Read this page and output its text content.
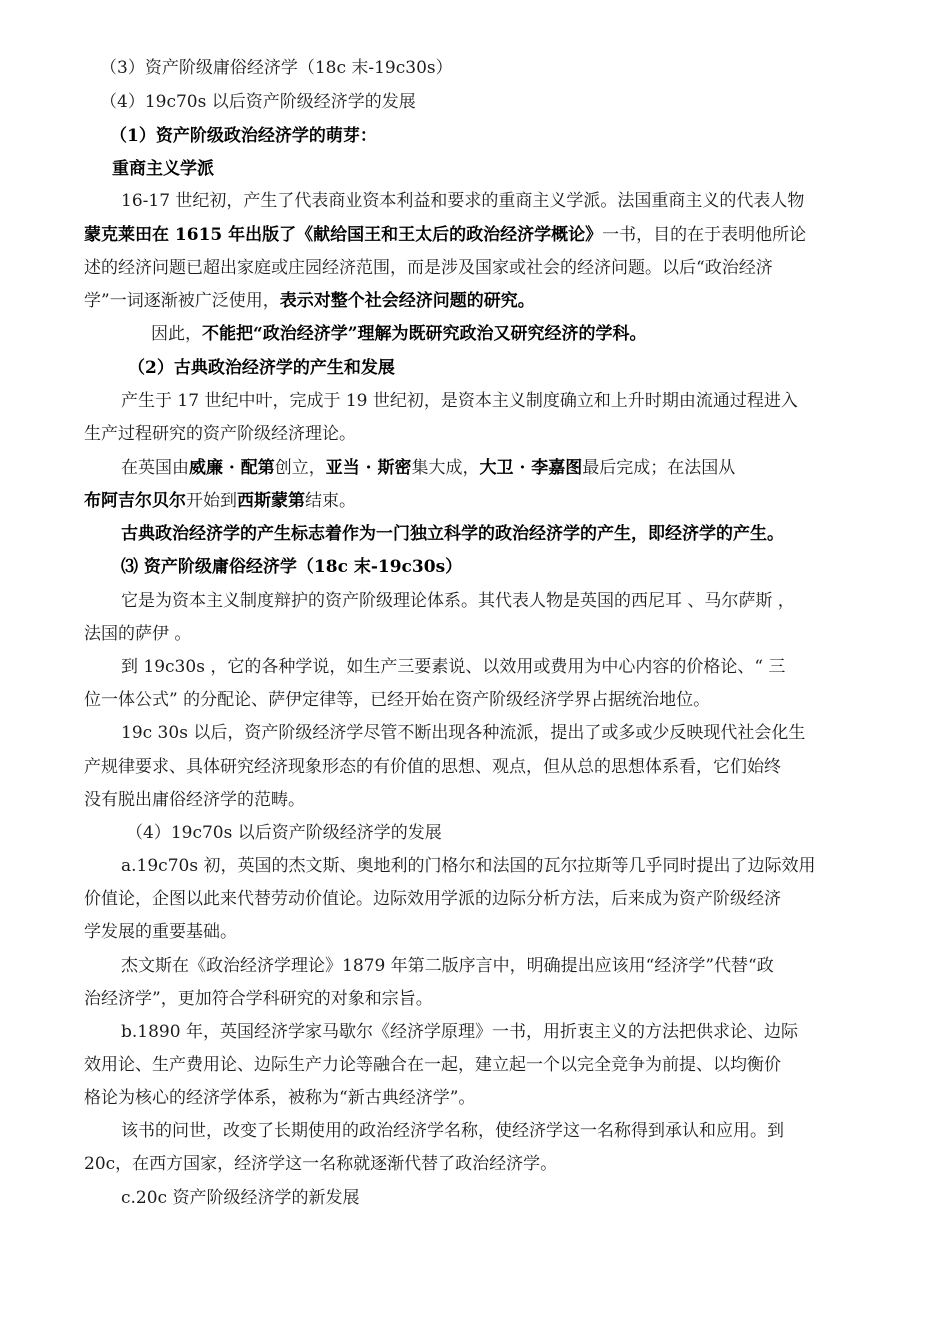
（3）资产阶级庸俗经济学（18c 末-19c30s）
（4）19c70s 以后资产阶级经济学的发展
（1）资产阶级政治经济学的萌芽：
重商主义学派
16-17 世纪初，产生了代表商业资本利益和要求的重商主义学派。法国重商主义的代表人物
蒙克莱田在 1615 年出版了《献给国王和王太后的政治经济学概论》一书，目的在于表明他所论
述的经济问题已超出家庭或庄园经济范围，而是涉及国家或社会的经济问题。以后“政治经济
学”一词逐渐被广泛使用，表示对整个社会经济问题的研究。
因此，不能把“政治经济学”理解为既研究政治又研究经济的学科。
（2）古典政治经济学的产生和发展
产生于 17 世纪中叶，完成于 19 世纪初，是资本主义制度确立和上升时期由流通过程进入
生产过程研究的资产阶级经济理论。
在英国由威廉 · 配第创立，亚当 · 斯密集大成，大卫 · 李嘉图最后完成；在法国从
布阿吉尔贝尔开始到西斯蒙第结束。
古典政治经济学的产生标志着作为一门独立科学的政治经济学的产生，即经济学的产生。
⑶ 资产阶级庸俗经济学（18c 末-19c30s）
它是为资本主义制度辩护的资产阶级理论体系。其代表人物是英国的西尼耳 、马尔萨斯 ，
法国的萨伊 。
到 19c30s ，它的各种学说，如生产三要素说、以效用或费用为中心内容的价格论、“ 三
位一体公式” 的分配论、萨伊定律等，已经开始在资产阶级经济学界占据统治地位。
19c 30s 以后，资产阶级经济学尽管不断出现各种流派，提出了或多或少反映现代社会化生
产规律要求、具体研究经济现象形态的有价值的思想、观点，但从总的思想体系看，它们始终
没有脱出庸俗经济学的范畴。
（4）19c70s 以后资产阶级经济学的发展
a.19c70s 初，英国的杰文斯、奥地利的门格尔和法国的瓦尔拉斯等几乎同时提出了边际效用
价值论，企图以此来代替劳动价值论。边际效用学派的边际分析方法，后来成为资产阶级经济
学发展的重要基础。
杰文斯在《政治经济学理论》1879 年第二版序言中，明确提出应该用“经济学”代替“政
治经济学”，更加符合学科研究的对象和宗旨。
b.1890 年，英国经济学家马歇尔《经济学原理》一书，用折衷主义的方法把供求论、边际
效用论、生产费用论、边际生产力论等融合在一起，建立起一个以完全竞争为前提、以均衡价
格论为核心的经济学体系，被称为“新古典经济学”。
该书的问世，改变了长期使用的政治经济学名称，使经济学这一名称得到承认和应用。到
20c，在西方国家，经济学这一名称就逐渐代替了政治经济学。
c.20c 资产阶级经济学的新发展
